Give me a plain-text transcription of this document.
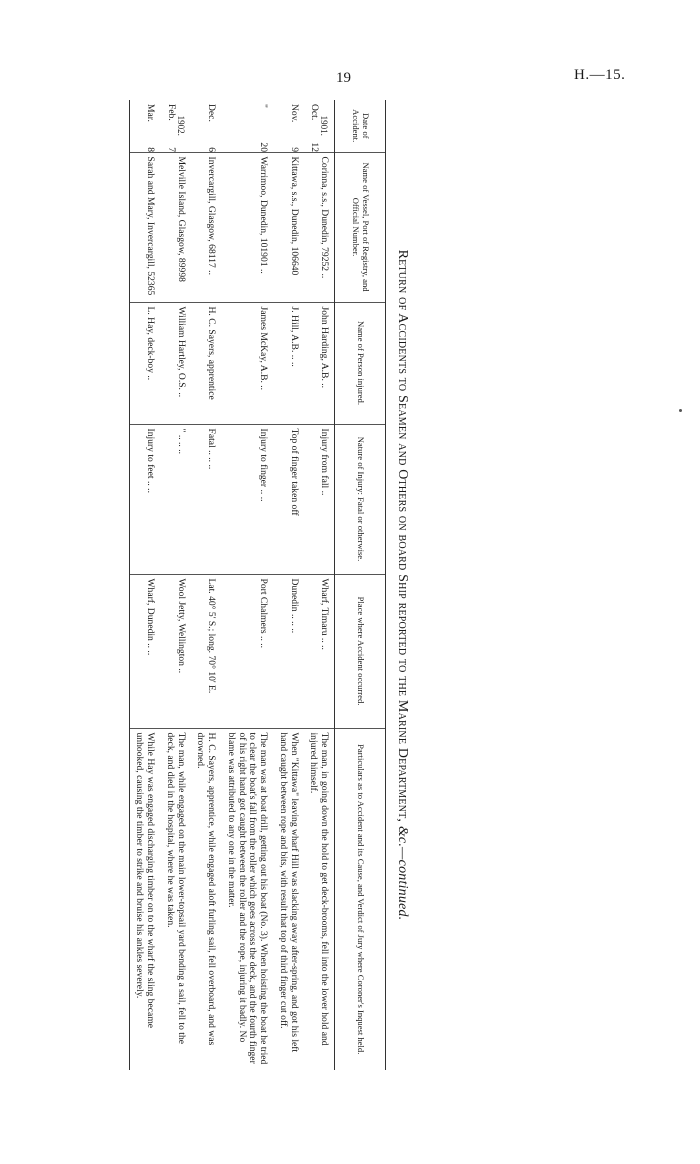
19	H.—15.
Return of Accidents to Seamen and Others on board Ship reported to the Marine Department, &c.—continued.
Date of Accident.	Name of Vessel, Port of Registry, and Official Number.	Name of Person injured.	Nature of Injury: Fatal or otherwise.	Place where Accident occurred.	Particulars as to Accident and its Cause, and Verdict of Jury where Coroner's Inquest held.

1901.
Oct.12	Corinna, s.s., Dunedin, 79252 ..	John Harding, A.B. ..	Injury from fall ..	Wharf, Timaru .. ..	The man, in going down the hold to get deck-brooms, fell into the lower hold and injured himself.

Nov.9	Kittawa, s.s., Dunedin, 106640	J. Hill, A.B. .. ..	Top of finger taken off	Dunedin .. .. ..	When "Kittawa" leaving wharf Hill was slacking away after-spring, and got his left hand caught between rope and bits, with result that top of third finger cut off.

"20	Warrimoo, Dunedin, 101901 ..	James McKay, A.B. ..	Injury to finger .. ..	Port Chalmers .. ..	The man was at boat drill, getting out his boat (No. 3). When hoisting the boat he tried to clear the boat's fall from the roller which goes across the deck, and the fourth finger of his right hand got caught between the roller and the rope, injuring it badly. No blame was attributed to any one in the matter.

Dec.6	Invercargill, Glasgow, 68117 ..	H. C. Sayers, apprentice	Fatal .. .. ..	Lat. 40° 5' S.; long. 70° 10' E.	H. C. Sayers, apprentice, while engaged aloft furling sail, fell overboard, and was drowned.

1902.
Feb.7	Melville Island, Glasgow, 89998	William Hartley, O.S. ..	" .. .. ..	Wool Jetty, Wellington ..	The man, while engaged on the main lower-topsail yard bending a sail, fell to the deck, and died in the hospital, where he was taken.

Mar.8	Sarah and Mary, Invercargill, 52365	L. Hay, deck-boy ..	Injury to feet .. ..	Wharf, Dunedin .. ..	While Hay was engaged discharging timber on to the wharf the sling became unhooked, causing the timber to strike and bruise his ankles severely.
